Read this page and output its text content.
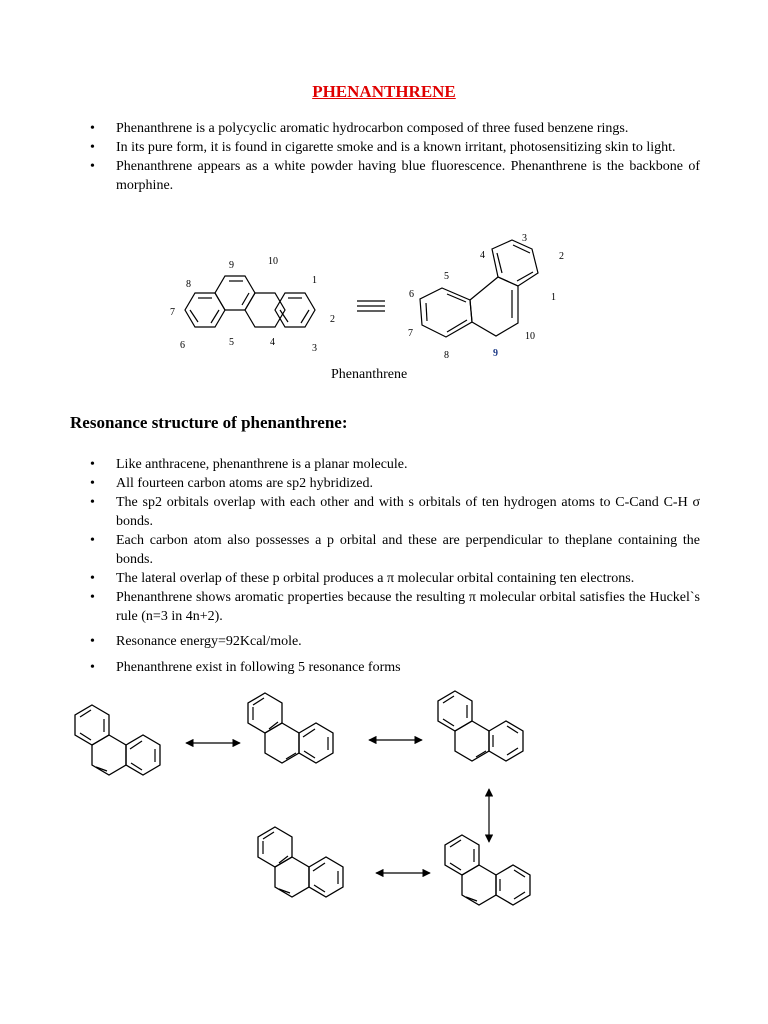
PHENANTHRENE
• Phenanthrene is a polycyclic aromatic hydrocarbon composed of three fused benzene rings.
• In its pure form, it is found in cigarette smoke and is a known irritant, photosensitizing skin to light.
• Phenanthrene appears as a white powder having blue fluorescence. Phenanthrene is the backbone of morphine.
9	10
8	1
7
2
6	5	4
3
3
4	2
5
6	1
7	10
8	9
Phenanthrene
Resonance structure of phenanthrene:
• Like anthracene, phenanthrene is a planar molecule.
• All fourteen carbon atoms are sp2 hybridized.
• The sp2 orbitals overlap with each other and with s orbitals of ten hydrogen atoms to C-Cand C-H σ bonds.
• Each carbon atom also possesses a p orbital and these are perpendicular to theplane containing the bonds.
• The lateral overlap of these p orbital produces a π molecular orbital containing ten electrons.
• Phenanthrene shows aromatic properties because the resulting π molecular orbital satisfies the Huckel`s rule (n=3 in 4n+2).
• Resonance energy=92Kcal/mole.
• Phenanthrene exist in following 5 resonance forms
